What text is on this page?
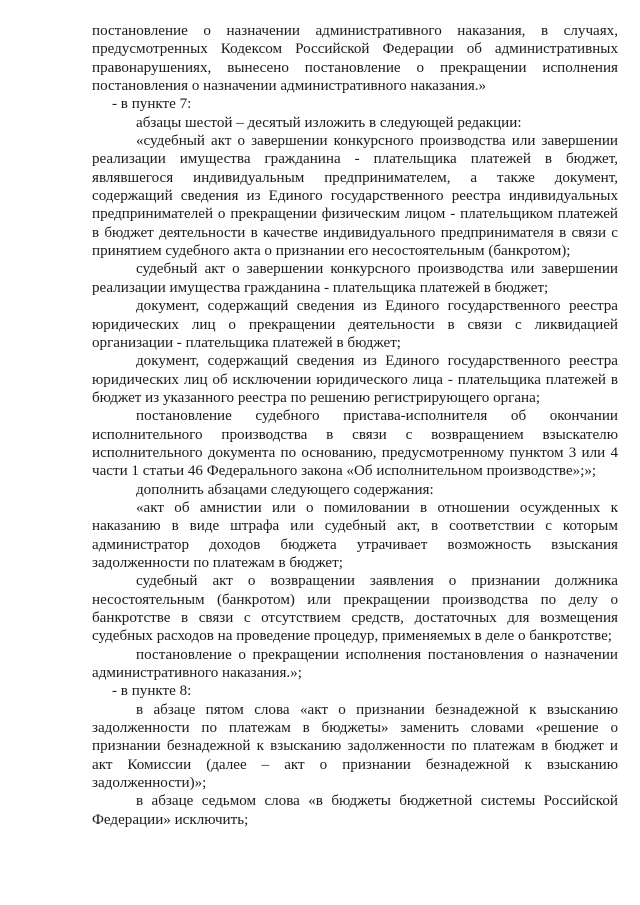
постановление о назначении административного наказания, в случаях, предусмотренных Кодексом Российской Федерации об административных правонарушениях, вынесено постановление о прекращении исполнения постановления о назначении административного наказания.»

- в пункте 7:

абзацы шестой – десятый изложить в следующей редакции:

«судебный акт о завершении конкурсного производства или завершении реализации имущества гражданина - плательщика платежей в бюджет, являвшегося индивидуальным предпринимателем, а также документ, содержащий сведения из Единого государственного реестра индивидуальных предпринимателей о прекращении физическим лицом - плательщиком платежей в бюджет деятельности в качестве индивидуального предпринимателя в связи с принятием судебного акта о признании его несостоятельным (банкротом);

судебный акт о завершении конкурсного производства или завершении реализации имущества гражданина - плательщика платежей в бюджет;

документ, содержащий сведения из Единого государственного реестра юридических лиц о прекращении деятельности в связи с ликвидацией организации - плательщика платежей в бюджет;

документ, содержащий сведения из Единого государственного реестра юридических лиц об исключении юридического лица - плательщика платежей в бюджет из указанного реестра по решению регистрирующего органа;

постановление судебного пристава-исполнителя об окончании исполнительного производства в связи с возвращением взыскателю исполнительного документа по основанию, предусмотренному пунктом 3 или 4 части 1 статьи 46 Федерального закона «Об исполнительном производстве»;»;

дополнить абзацами следующего содержания:

«акт об амнистии или о помиловании в отношении осужденных к наказанию в виде штрафа или судебный акт, в соответствии с которым администратор доходов бюджета утрачивает возможность взыскания задолженности по платежам в бюджет;

судебный акт о возвращении заявления о признании должника несостоятельным (банкротом) или прекращении производства по делу о банкротстве в связи с отсутствием средств, достаточных для возмещения судебных расходов на проведение процедур, применяемых в деле о банкротстве;

постановление о прекращении исполнения постановления о назначении административного наказания.»;

- в пункте 8:

в абзаце пятом слова «акт о признании безнадежной к взысканию задолженности по платежам в бюджеты» заменить словами «решение о признании безнадежной к взысканию задолженности по платежам в бюджет и акт Комиссии (далее – акт о признании безнадежной к взысканию задолженности)»;

в абзаце седьмом слова «в бюджеты бюджетной системы Российской Федерации» исключить;
